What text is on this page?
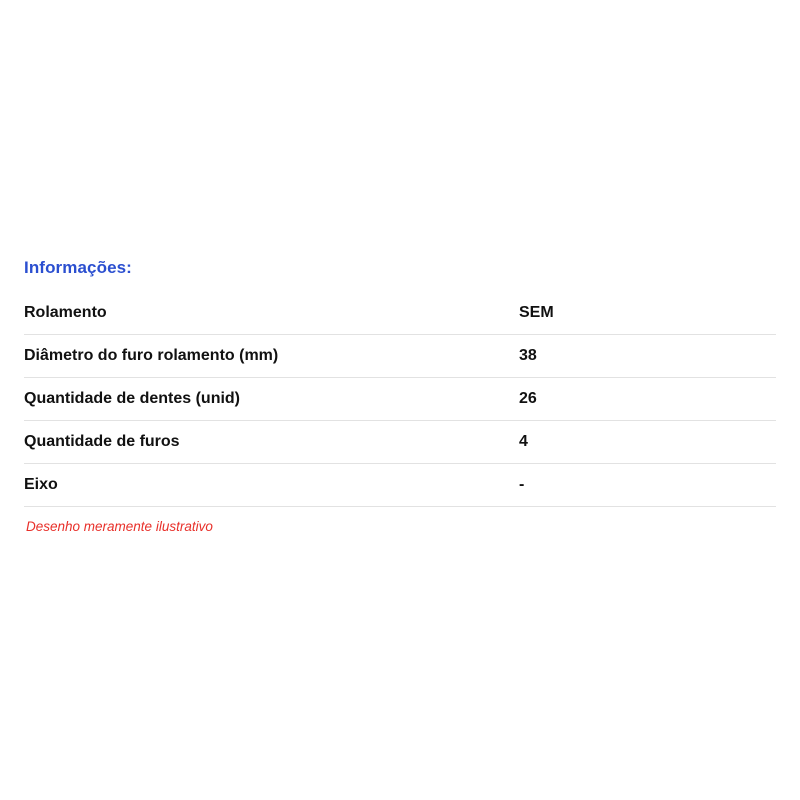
Informações:
Rolamento	SEM
Diâmetro do furo rolamento (mm)	38
Quantidade de dentes (unid)	26
Quantidade de furos	4
Eixo	-
Desenho meramente ilustrativo
